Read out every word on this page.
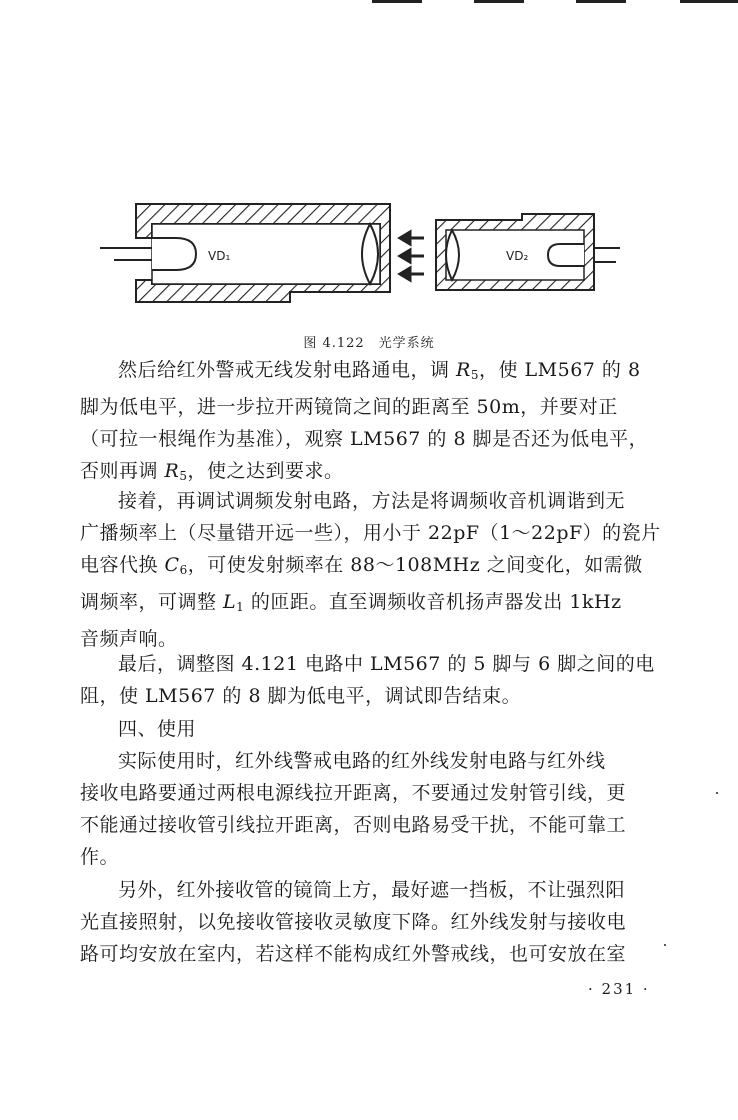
VD₁	VD₂
图 4.122 光学系统
然后给红外警戒无线发射电路通电，调 $R_5$，使 LM567 的 8
脚为低电平，进一步拉开两镜筒之间的距离至 50m，并要对正
（可拉一根绳作为基准），观察 LM567 的 8 脚是否还为低电平，
否则再调 $R_5$，使之达到要求。
接着，再调试调频发射电路，方法是将调频收音机调谐到无
广播频率上（尽量错开远一些），用小于 22pF（1～22pF）的瓷片
电容代换 $C_6$，可使发射频率在 88～108MHz 之间变化，如需微
调频率，可调整 $L_1$ 的匝距。直至调频收音机扬声器发出 1kHz
音频声响。
最后，调整图 4.121 电路中 LM567 的 5 脚与 6 脚之间的电
阻，使 LM567 的 8 脚为低电平，调试即告结束。
四、使用
实际使用时，红外线警戒电路的红外线发射电路与红外线
接收电路要通过两根电源线拉开距离，不要通过发射管引线，更
不能通过接收管引线拉开距离，否则电路易受干扰，不能可靠工
作。
另外，红外接收管的镜筒上方，最好遮一挡板，不让强烈阳
光直接照射，以免接收管接收灵敏度下降。红外线发射与接收电
路可均安放在室内，若这样不能构成红外警戒线，也可安放在室
· 231 ·
